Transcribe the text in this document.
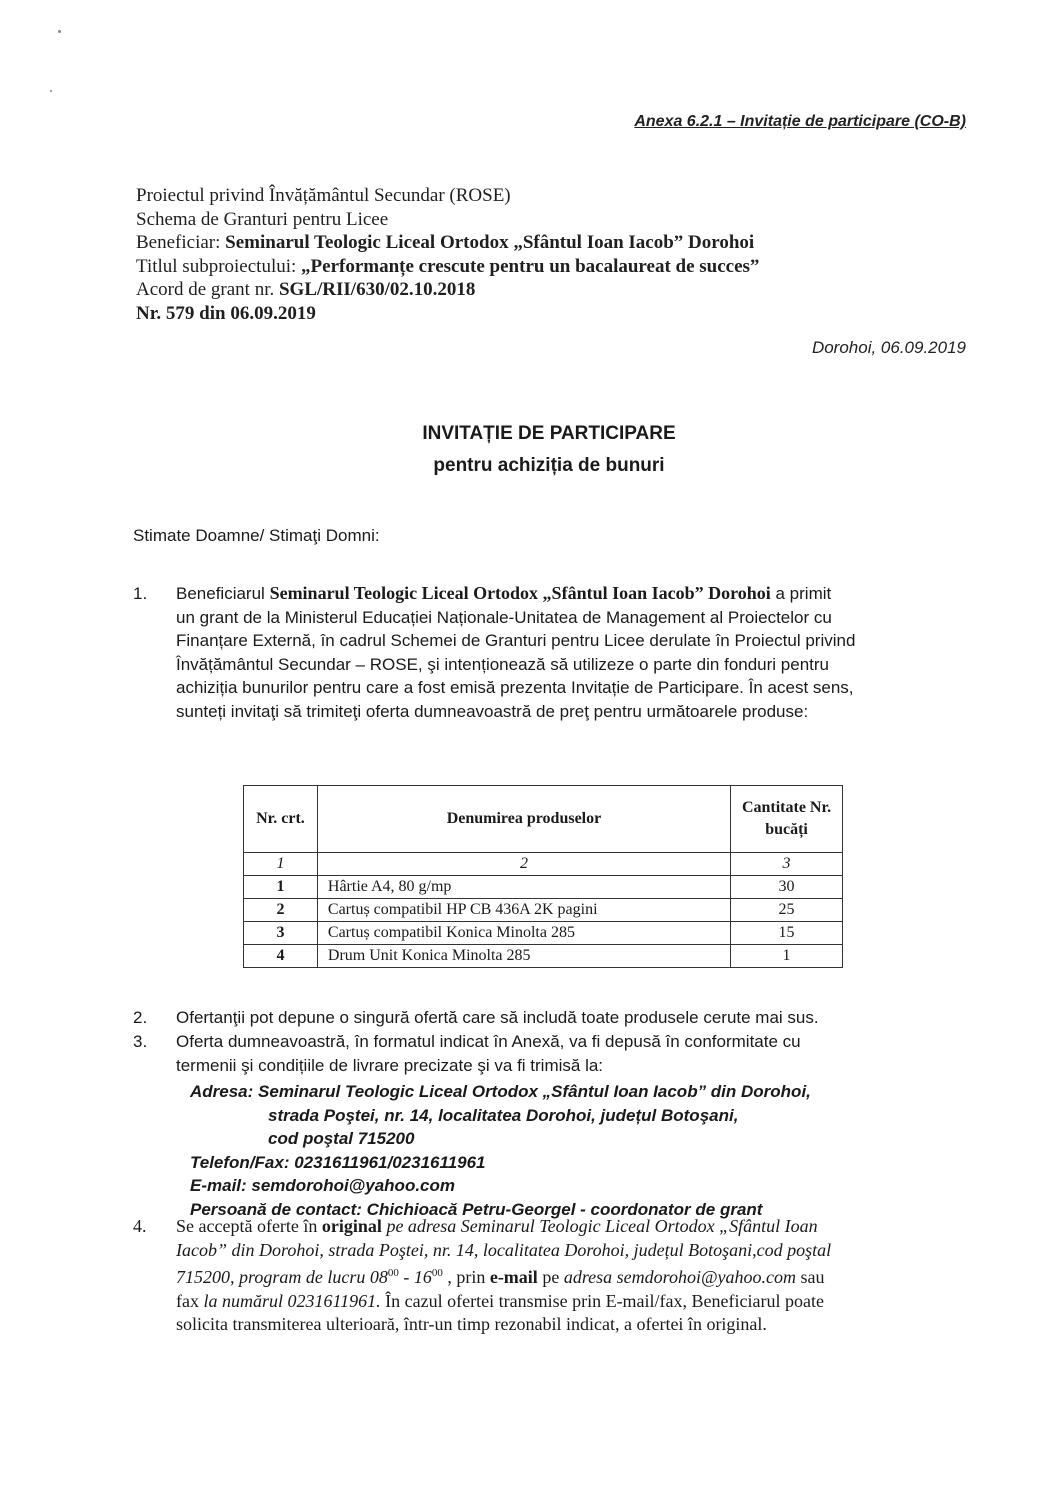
Anexa 6.2.1 – Invitație de participare (CO-B)
Proiectul privind Învățământul Secundar (ROSE)
Schema de Granturi pentru Licee
Beneficiar: Seminarul Teologic Liceal Ortodox „Sfântul Ioan Iacob” Dorohoi
Titlul subproiectului: „Performanțe crescute pentru un bacalaureat de succes”
Acord de grant nr. SGL/RII/630/02.10.2018
Nr. 579 din 06.09.2019
Dorohoi, 06.09.2019
INVITAȚIE DE PARTICIPARE
pentru achiziția de bunuri
Stimate Doamne/ Stimaţi Domni:
1. Beneficiarul Seminarul Teologic Liceal Ortodox „Sfântul Ioan Iacob” Dorohoi a primit
un grant de la Ministerul Educației Naționale-Unitatea de Management al Proiectelor cu
Finanțare Externă, în cadrul Schemei de Granturi pentru Licee derulate în Proiectul privind
Învățământul Secundar – ROSE, şi intenționează să utilizeze o parte din fonduri pentru
achiziția bunurilor pentru care a fost emisă prezenta Invitație de Participare. În acest sens,
sunteți invitaţi să trimiteţi oferta dumneavoastră de preţ pentru următoarele produse:
Nr. crt.	Denumirea produselor	Cantitate Nr. bucăți
1	2	3
1	Hârtie A4, 80 g/mp	30
2	Cartuș compatibil HP CB 436A 2K pagini	25
3	Cartuș compatibil Konica Minolta 285	15
4	Drum Unit Konica Minolta 285	1
2. Ofertanţii pot depune o singură ofertă care să includă toate produsele cerute mai sus.
3. Oferta dumneavoastră, în formatul indicat în Anexă, va fi depusă în conformitate cu
termenii şi condițiile de livrare precizate şi va fi trimisă la:
Adresa: Seminarul Teologic Liceal Ortodox „Sfântul Ioan Iacob” din Dorohoi,
strada Poştei, nr. 14, localitatea Dorohoi, județul Botoşani,
cod poştal 715200
Telefon/Fax: 0231611961/0231611961
E-mail: semdorohoi@yahoo.com
Persoană de contact: Chichioacă Petru-Georgel - coordonator de grant
4. Se acceptă oferte în original pe adresa Seminarul Teologic Liceal Ortodox „Sfântul Ioan
Iacob” din Dorohoi, strada Poştei, nr. 14, localitatea Dorohoi, județul Botoşani,cod poştal
715200, program de lucru $08^{00} - 16^{00}$ , prin e-mail pe adresa semdorohoi@yahoo.com sau
fax la numărul 0231611961. În cazul ofertei transmise prin E-mail/fax, Beneficiarul poate
solicita transmiterea ulterioară, într-un timp rezonabil indicat, a ofertei în original.
